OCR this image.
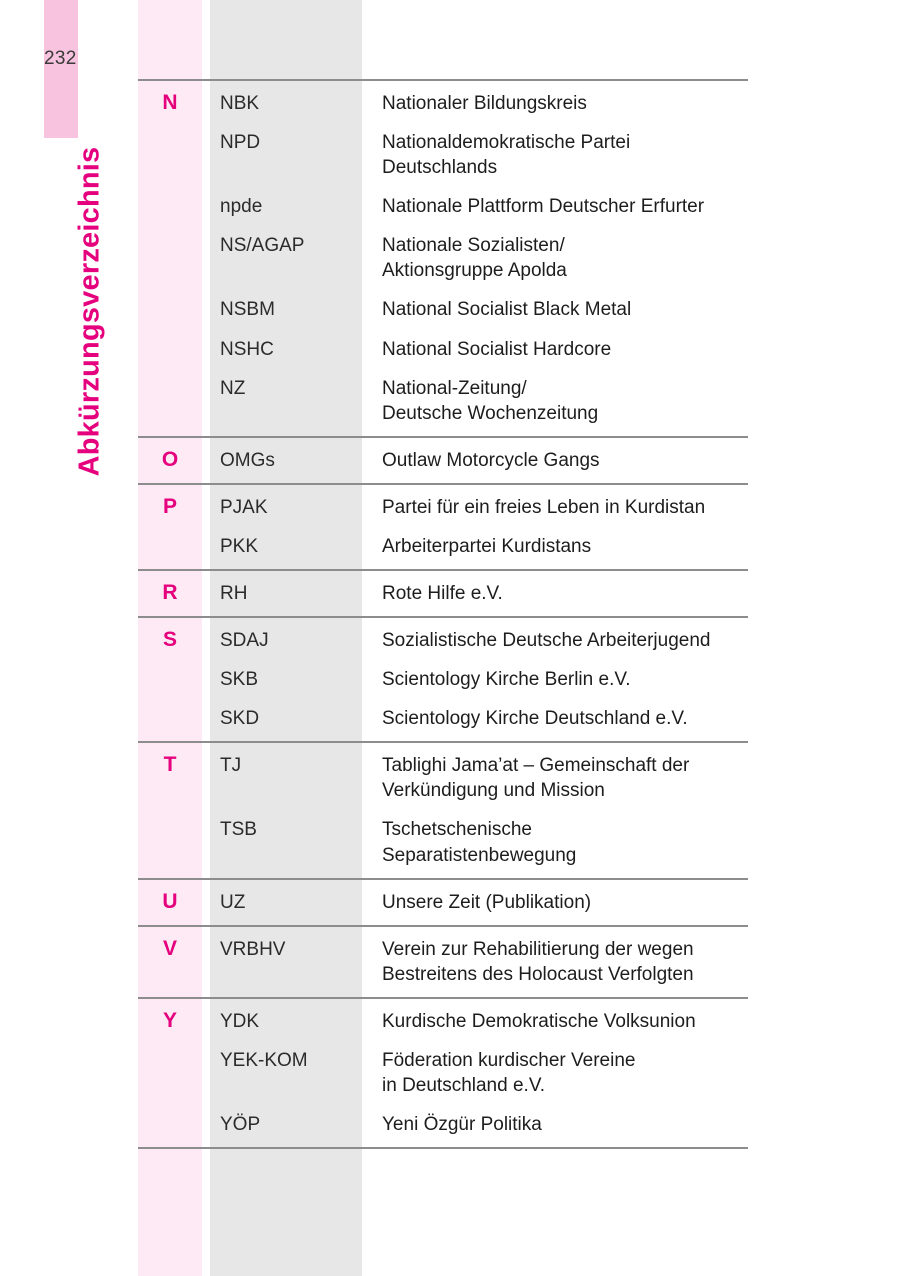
232
Abkürzungsverzeichnis
N		NBK		Nationaler Bildungskreis
		NPD		Nationaldemokratische Partei
Deutschlands
		npde		Nationale Plattform Deutscher Erfurter
		NS/AGAP		Nationale Sozialisten/
Aktionsgruppe Apolda
		NSBM		National Socialist Black Metal
		NSHC		National Socialist Hardcore
		NZ		National-Zeitung/
Deutsche Wochenzeitung
O		OMGs		Outlaw Motorcycle Gangs
P		PJAK		Partei für ein freies Leben in Kurdistan
		PKK		Arbeiterpartei Kurdistans
R		RH		Rote Hilfe e.V.
S		SDAJ		Sozialistische Deutsche Arbeiterjugend
		SKB		Scientology Kirche Berlin e.V.
		SKD		Scientology Kirche Deutschland e.V.
T		TJ		Tablighi Jama’at – Gemeinschaft der
Verkündigung und Mission
		TSB		Tschetschenische
Separatistenbewegung
U		UZ		Unsere Zeit (Publikation)
V		VRBHV		Verein zur Rehabilitierung der wegen
Bestreitens des Holocaust Verfolgten
Y		YDK		Kurdische Demokratische Volksunion
		YEK-KOM		Föderation kurdischer Vereine
in Deutschland e.V.
		YÖP		Yeni Özgür Politika
